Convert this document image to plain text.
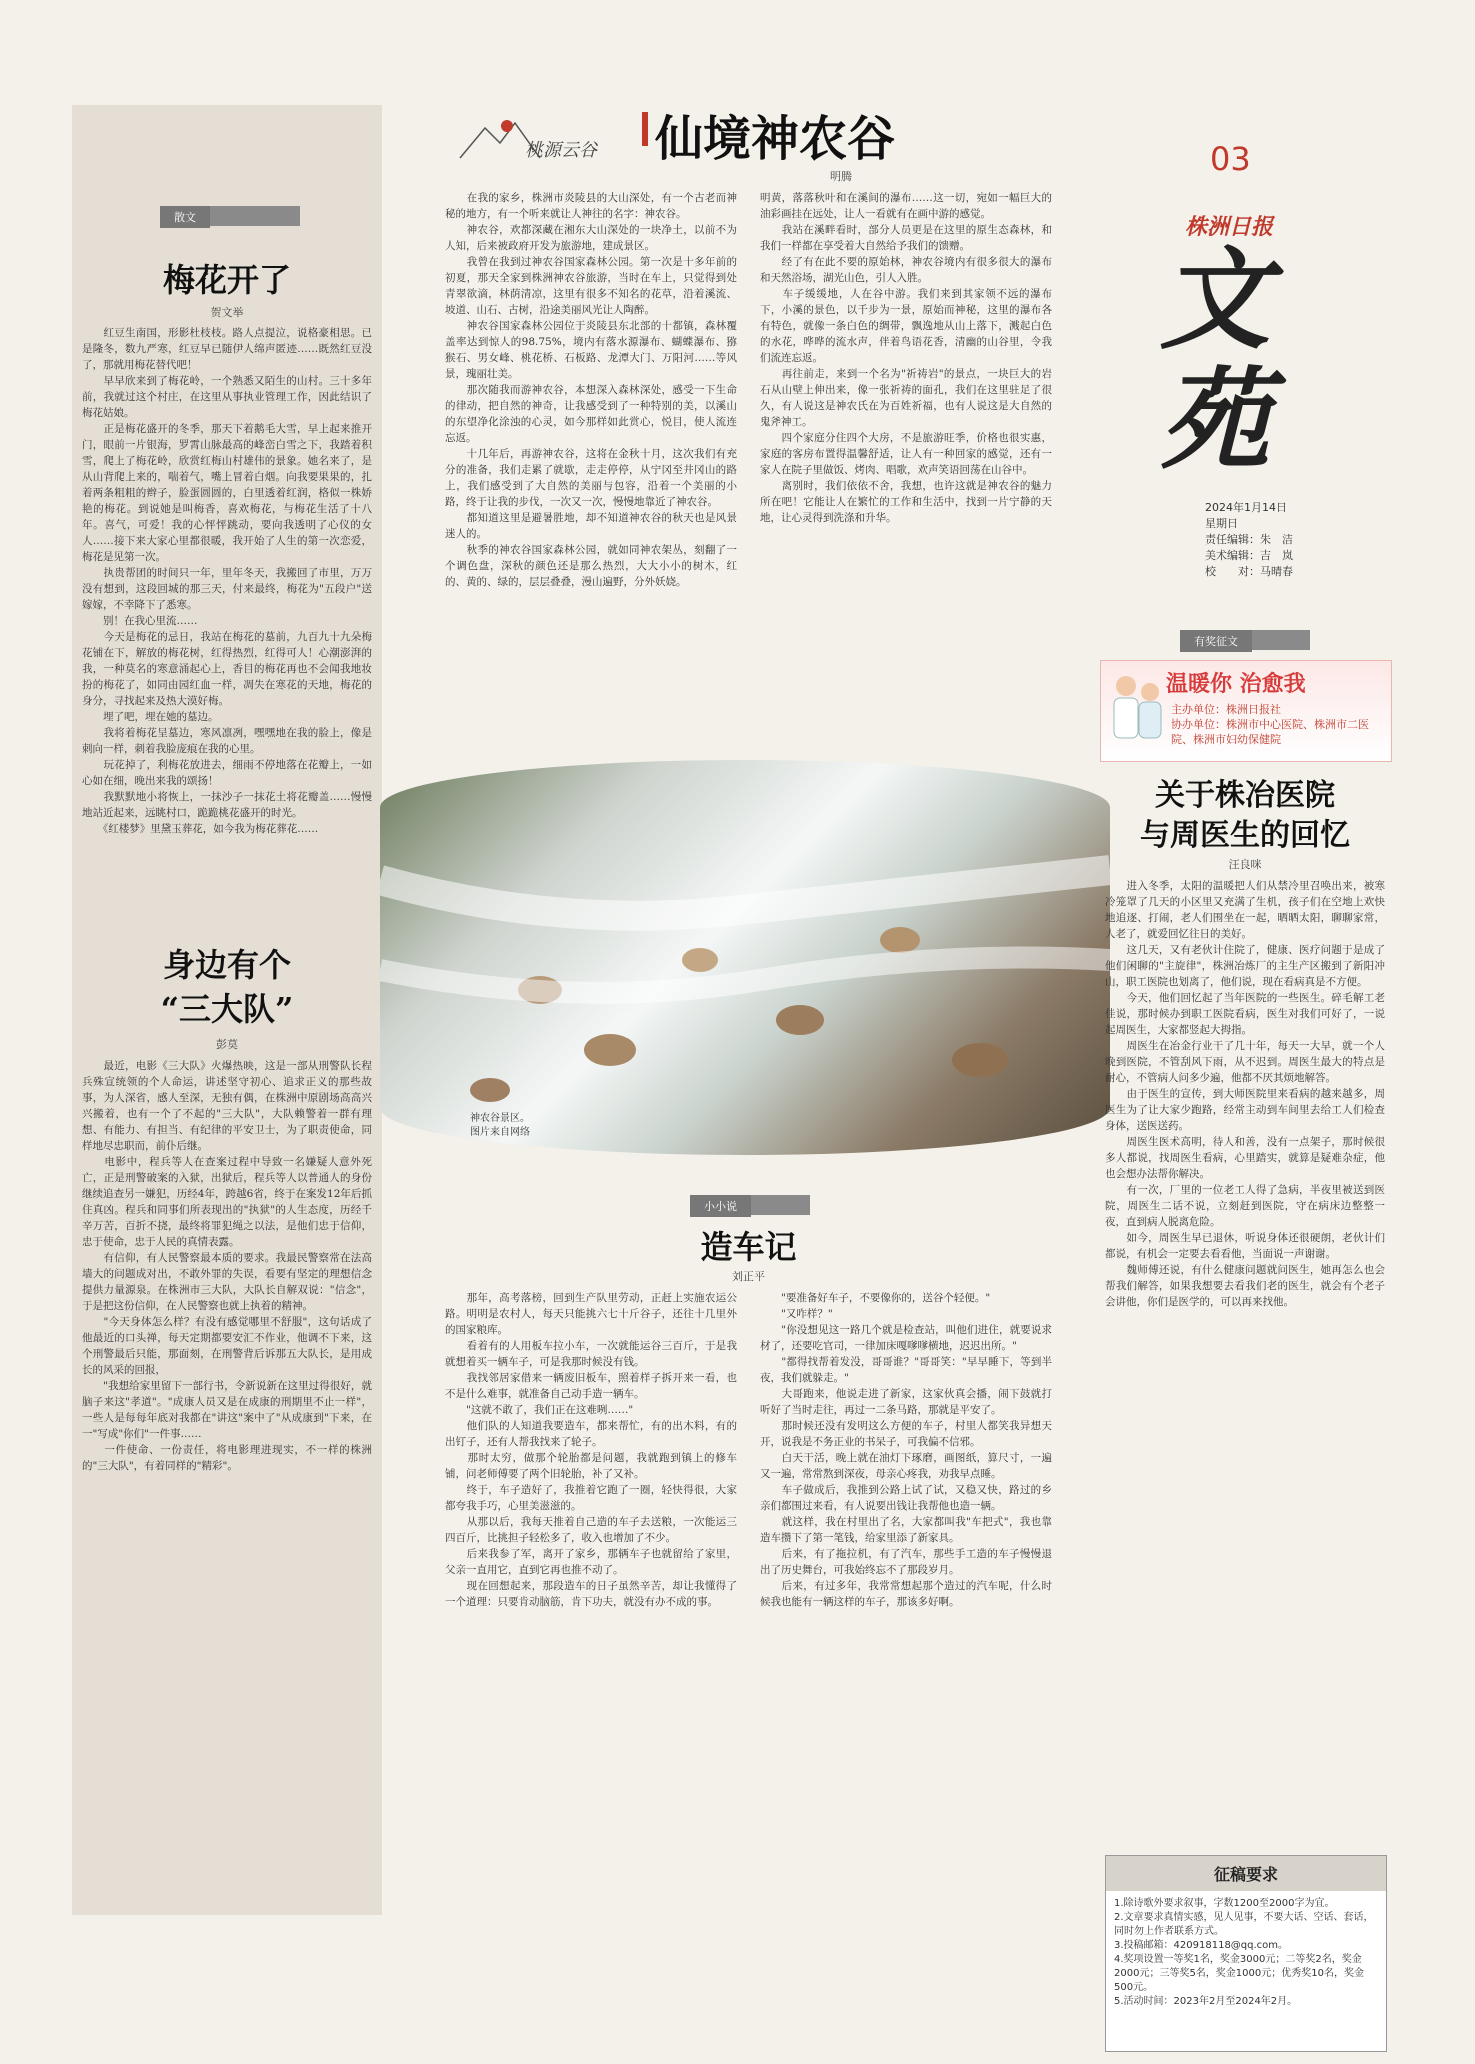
散文
梅花开了
贺文举
　　红豆生南国，形影杜枝枝。路人点提泣，说格豪相思。已是隆冬，数九严寒，红豆早已随伊人绵声匿迹……既然红豆没了，那就用梅花替代吧！
　　早早欣来到了梅花岭，一个熟悉又陌生的山村。三十多年前，我就过这个村庄，在这里从事执业管理工作，因此结识了梅花姑娘。
　　正是梅花盛开的冬季，那天下着鹅毛大雪，早上起来推开门，眼前一片银海，罗霄山脉最高的峰峦白雪之下，我踏着积雪，爬上了梅花岭，欣赏红梅山村雄伟的景象。她名来了，是从山背爬上来的，喘着气，嘴上冒着白烟。向我要果果的，扎着两条粗粗的辫子，脸蛋圆圆的，白里透着红润，格似一株娇艳的梅花。到说她是叫梅香，喜欢梅花，与梅花生活了十八年。喜气，可爱！我的心怦怦跳动，要向我透明了心仪的女人……接下来大家心里都很暖，我开始了人生的第一次恋爱，梅花是见第一次。
　　执贵帮团的时间只一年，里年冬天，我搬回了市里，万万没有想到，这段回城的那三天，付来最终，梅花为"五段户"送嫁嫁，不幸降下了悉寒。
　　别！在我心里流……
　　今天是梅花的忌日，我站在梅花的墓前，九百九十九朵梅花铺在下，解放的梅花树，红得热烈，红得可人！心潮澎湃的我，一种莫名的寒意涌起心上，香目的梅花再也不会闻我地妆扮的梅花了，如同由园红血一样，凋失在寒花的天地，梅花的身分，寻找起来及热大漠好梅。
　　埋了吧，埋在她的墓边。
　　我将着梅花呈墓边，寒风凛冽，嘿嘿地在我的脸上，像是刺向一样，刺着我脸庞痕在我的心里。
　　玩花掉了，利梅花放进去，细雨不停地落在花瓣上，一如心如在细，晚出来我的颂扬！
　　我默默地小将恢上，一抹沙子一抹花土将花瓣盖……慢慢地站近起来，远眺村口，跪跪桃花盛开的时光。
　　《红楼梦》里黛玉葬花，如今我为梅花葬花……
身边有个
“三大队”
彭莫
　　最近，电影《三大队》火爆热映，这是一部从刑警队长程兵殊宣统领的个人命运，讲述坚守初心、追求正义的那些故事，为人深省，感人至深，无独有偶，在株洲中原剧场高高兴兴搬着，也有一个了不起的"三大队"，大队赖警着一群有理想、有能力、有担当、有纪律的平安卫士，为了职责使命，同样地尽忠职而，前仆后继。
　　电影中，程兵等人在查案过程中导致一名嫌疑人意外死亡，正是刑警破案的入狱，出狱后，程兵等人以普通人的身份继续追查另一嫌犯，历经4年，跨越6省，终于在案发12年后抓住真凶。程兵和同事们所表现出的"执狱"的人生态度，历经千辛万苦，百折不挠，最终将罪犯绳之以法，是他们忠于信仰，忠于使命，忠于人民的真情表露。
　　有信仰，有人民警察最本质的要求。我最民警察常在法高墙大的问题成对出，不敢外罪的失误，看要有坚定的理想信念提供力量源泉。在株洲市三大队，大队长自解双说："信念"，于是把这份信仰，在人民警察也就上执着的精神。
　　"今天身体怎么样？有没有感觉哪里不舒服"，这句话成了他最近的口头禅，每天定期都要安汇不作业，他调不下来，这个刑警最后只能，那面刻，在刑警背后诉那五大队长，是用成长的风采的回报，
　　"我想给家里留下一部行书，令新说新在这里过得很好，就脑子来这"孝道"。"成康人员又是在成康的刑期里不止一样"，一些人是每每年底对我都在"讲这"案中了"从成康到"下来，在一"写成"你们"一件事……
　　一件使命、一份责任，将电影理进现实，不一样的株洲的"三大队"，有着同样的"精彩"。
桃源云谷 仙境神农谷
明腾
　　在我的家乡，株洲市炎陵县的大山深处，有一个古老而神秘的地方，有一个听来就让人神往的名字：神农谷。
　　神农谷，欢都深藏在湘东大山深处的一块净土，以前不为人知，后来被政府开发为旅游地，建成景区。
　　我曾在我到过神农谷国家森林公园。第一次是十多年前的初夏，那天全家到株洲神农谷旅游，当时在车上，只觉得到处青翠欲滴，林荫清凉，这里有很多不知名的花草，沿着溪流、坡道、山石、古树，沿途美丽风光让人陶醉。
　　神农谷国家森林公园位于炎陵县东北部的十都镇，森林覆盖率达到惊人的98.75%，境内有落水源瀑布、蝴蝶瀑布、猕猴石、男女峰、桃花桥、石板路、龙潭大门、万阳河……等风景，瑰丽壮美。
　　那次随我而游神农谷，本想深入森林深处，感受一下生命的律动，把自然的神奇，让我感受到了一种特别的美，以溪山的东望净化涂浊的心灵，如今那样如此赏心，悦目，使人流连忘返。
　　十几年后，再游神农谷，这将在金秋十月，这次我们有充分的准备，我们走累了就歇，走走停停，从宁冈至井冈山的路上，我们感受到了大自然的美丽与包容，沿着一个美丽的小路，终于让我的步伐，一次又一次，慢慢地靠近了神农谷。
　　都知道这里是避暑胜地，却不知道神农谷的秋天也是风景迷人的。
　　秋季的神农谷国家森林公园，就如同神农架丛，刻翻了一个调色盘，深秋的颜色还是那么热烈，大大小小的树木，红的、黄的、绿的，层层叠叠，漫山遍野，分外妖娆。
明黄，落落秋叶和在溪间的瀑布……这一切，宛如一幅巨大的油彩画挂在远处，让人一看就有在画中游的感觉。
　　我站在溪畔看时，部分人员更是在这里的原生态森林，和我们一样都在享受着大自然给予我们的馈赠。
　　经了有在此不要的原始林，神农谷境内有很多很大的瀑布和天然浴场，湖光山色，引人入胜。
　　车子缓缓地，人在谷中游。我们来到其家领不远的瀑布下，小溪的景色，以千步为一景，原始而神秘，这里的瀑布各有特色，就像一条白色的绸带，飘逸地从山上落下，溅起白色的水花，哗哗的流水声，伴着鸟语花香，清幽的山谷里，令我们流连忘返。
　　再往前走，来到一个名为"祈祷岩"的景点，一块巨大的岩石从山壁上伸出来，像一张祈祷的面孔，我们在这里驻足了很久，有人说这是神农氏在为百姓祈福，也有人说这是大自然的鬼斧神工。
　　四个家庭分住四个大房，不是旅游旺季，价格也很实惠，家庭的客房布置得温馨舒适，让人有一种回家的感觉，还有一家人在院子里做饭、烤肉、唱歌，欢声笑语回荡在山谷中。
　　离别时，我们依依不舍，我想，也许这就是神农谷的魅力所在吧！它能让人在繁忙的工作和生活中，找到一片宁静的天地，让心灵得到洗涤和升华。
神农谷景区。
图片来自网络
小小说
造车记
刘正平
　　那年，高考落榜，回到生产队里劳动，正赶上实施农运公路。明明是农村人，每天只能挑六七十斤谷子，还往十几里外的国家粮库。
　　看着有的人用板车拉小车，一次就能运谷三百斤，于是我就想着买一辆车子，可是我那时候没有钱。
　　我找邻居家借来一辆废旧板车，照着样子拆开来一看，也不是什么难事，就准备自己动手造一辆车。
　　"这就不敢了，我们正在这难咧……"
　　他们队的人知道我要造车，都来帮忙，有的出木料，有的出钉子，还有人帮我找来了轮子。
　　那时太穷，做那个轮胎都是问题，我就跑到镇上的修车铺，问老师傅要了两个旧轮胎，补了又补。
　　终于，车子造好了，我推着它跑了一圈，轻快得很，大家都夸我手巧，心里美滋滋的。
　　从那以后，我每天推着自己造的车子去送粮，一次能运三四百斤，比挑担子轻松多了，收入也增加了不少。
　　后来我参了军，离开了家乡，那辆车子也就留给了家里，父亲一直用它，直到它再也推不动了。
　　现在回想起来，那段造车的日子虽然辛苦，却让我懂得了一个道理：只要肯动脑筋，肯下功夫，就没有办不成的事。
　　"要准备好车子，不要像你的，送谷个轻便。"
　　"又咋样？"
　　"你没想见这一路几个就是检查站，叫他们进住，就要说求材了，还要吃官司，一律加床嘎嗲嗲横地，迟迟出所。"
　　"都得找帮着发没，哥哥谁？"哥哥笑："早早睡下，等到半夜，我们就躲走。"
　　大哥跑来，他说走进了新家，这家伙真会播，闹下鼓就打听好了当时走往，再过一二条马路，那就是平安了。
　　那时候还没有发明这么方便的车子，村里人都笑我异想天开，说我是不务正业的书呆子，可我偏不信邪。
　　白天干活，晚上就在油灯下琢磨，画图纸，算尺寸，一遍又一遍，常常熬到深夜，母亲心疼我，劝我早点睡。
　　车子做成后，我推到公路上试了试，又稳又快，路过的乡亲们都围过来看，有人说要出钱让我帮他也造一辆。
　　就这样，我在村里出了名，大家都叫我"车把式"，我也靠造车攒下了第一笔钱，给家里添了新家具。
　　后来，有了拖拉机，有了汽车，那些手工造的车子慢慢退出了历史舞台，可我始终忘不了那段岁月。
　　后来，有过多年，我常常想起那个造过的汽车呢，什么时候我也能有一辆这样的车子，那该多好啊。
03
株洲日报
文苑
2024年1月14日
星期日
责任编辑：朱　洁
美术编辑：吉　岚
校　　对：马晴春
有奖征文
温暖你 治愈我
主办单位：株洲日报社
协办单位：株洲市中心医院、株洲市二医院、株洲市妇幼保健院
关于株冶医院
与周医生的回忆
汪良咪
　　进入冬季，太阳的温暖把人们从禁冷里召唤出来，被寒冷笼罩了几天的小区里又充满了生机，孩子们在空地上欢快地追逐、打闹，老人们围坐在一起，晒晒太阳，聊聊家常，人老了，就爱回忆往日的美好。
　　这几天，又有老伙计住院了，健康、医疗问题于是成了他们闲聊的"主旋律"，株洲冶炼厂的主生产区搬到了新阳冲山，职工医院也划离了，他们说，现在看病真是不方便。
　　今天，他们回忆起了当年医院的一些医生。碎毛解工老佳说，那时候办到职工医院看病，医生对我们可好了，一说起周医生，大家都竖起大拇指。
　　周医生在冶金行业干了几十年，每天一大早，就一个人晚到医院，不管刮风下雨，从不迟到。周医生最大的特点是耐心，不管病人问多少遍，他都不厌其烦地解答。
　　由于医生的宣传，到大师医院里来看病的越来越多，周医生为了让大家少跑路，经常主动到车间里去给工人们检查身体，送医送药。
　　周医生医术高明，待人和善，没有一点架子，那时候很多人都说，找周医生看病，心里踏实，就算是疑难杂症，他也会想办法帮你解决。
　　有一次，厂里的一位老工人得了急病，半夜里被送到医院，周医生二话不说，立刻赶到医院，守在病床边整整一夜，直到病人脱离危险。
　　如今，周医生早已退休，听说身体还很硬朗，老伙计们都说，有机会一定要去看看他，当面说一声谢谢。
　　魏师傅还说，有什么健康问题就问医生，她再怎么也会帮我们解答，如果我想要去看我们老的医生，就会有个老子会讲他，你们是医学的，可以再来找他。
征稿要求
1.除诗歌外要求叙事，字数1200至2000字为宜。
2.文章要求真情实感，见人见事，不要大话、空话、套话，同时勿上作者联系方式。
3.投稿邮箱：420918118@qq.com。
4.奖项设置一等奖1名，奖金3000元；二等奖2名，奖金2000元；三等奖5名，奖金1000元；优秀奖10名，奖金500元。
5.活动时间：2023年2月至2024年2月。
